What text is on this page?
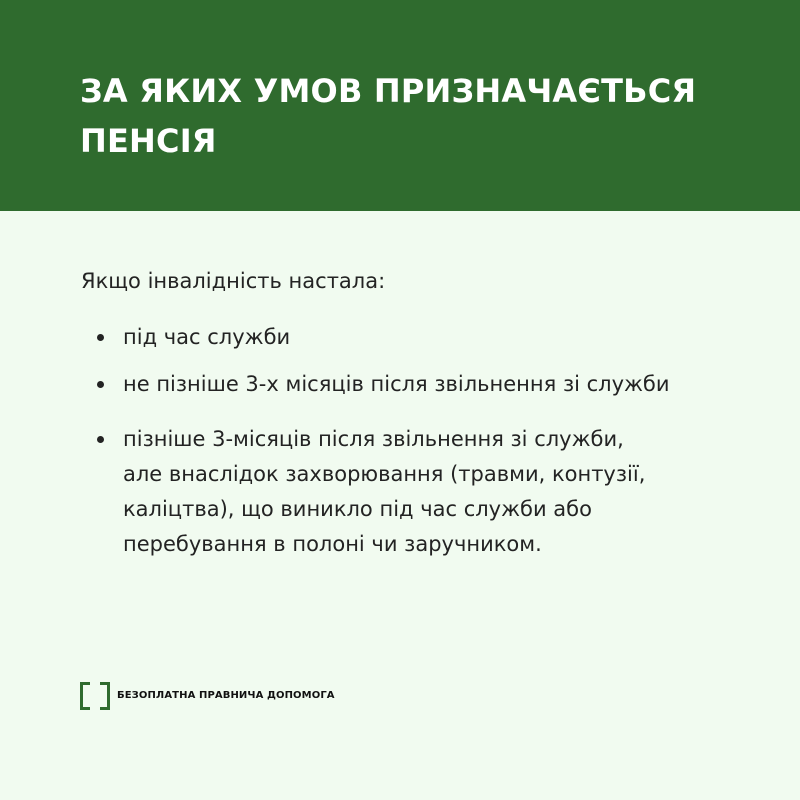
ЗА ЯКИХ УМОВ ПРИЗНАЧАЄТЬСЯ
ПЕНСІЯ

Якщо інвалідність настала:

під час служби
не пізніше 3-х місяців після звільнення зі служби
пізніше 3-місяців після звільнення зі служби,
але внаслідок захворювання (травми, контузії,
каліцтва), що виникло під час служби або
перебування в полоні чи заручником.
БЕЗОПЛАТНА ПРАВНИЧА ДОПОМОГА
